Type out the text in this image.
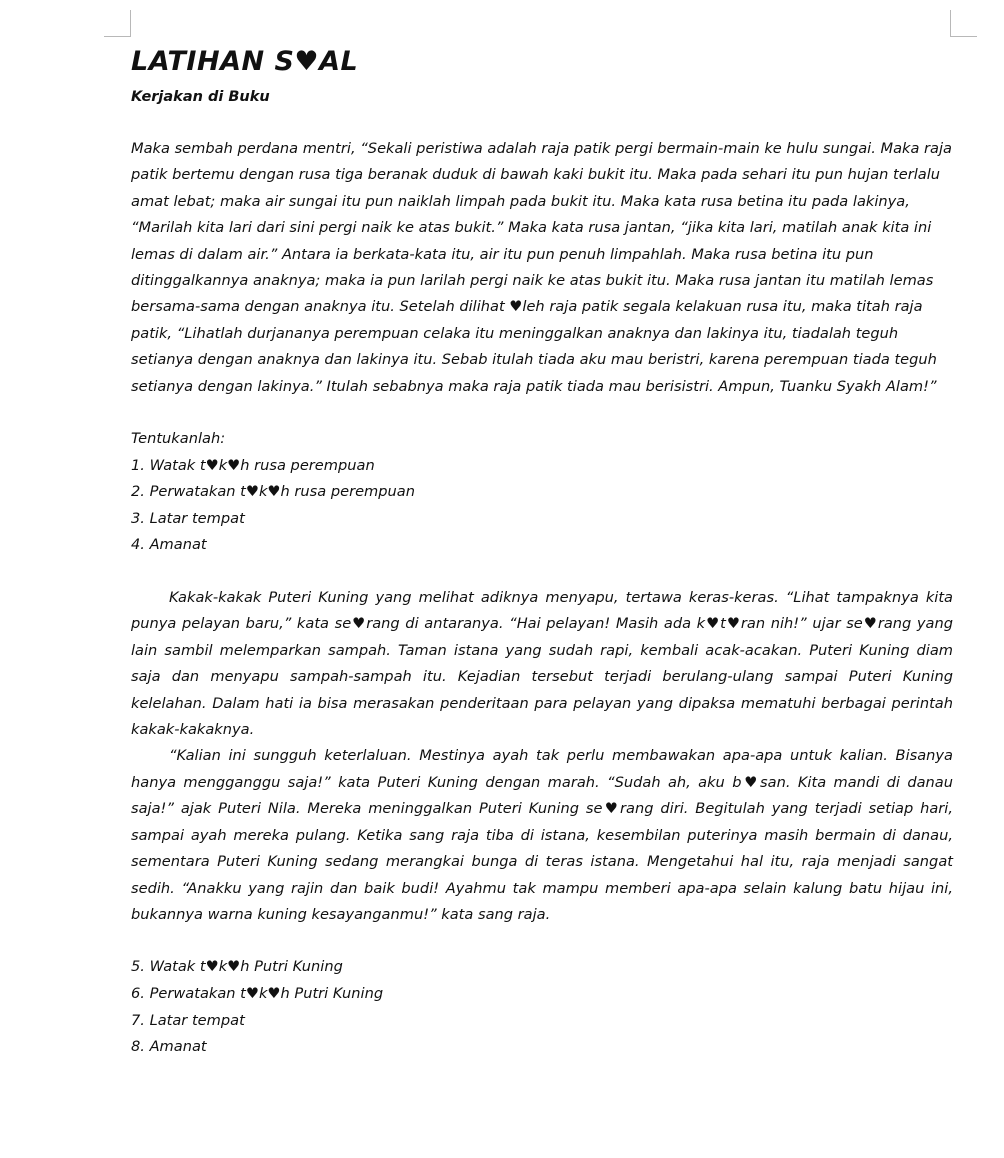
LATIHAN S♥AL
Kerjakan di Buku

Maka sembah perdana mentri, “Sekali peristiwa adalah raja patik pergi bermain-main ke hulu sungai. Maka raja patik bertemu dengan rusa tiga beranak duduk di bawah kaki bukit itu. Maka pada sehari itu pun hujan terlalu amat lebat; maka air sungai itu pun naiklah limpah pada bukit itu. Maka kata rusa betina itu pada lakinya, “Marilah kita lari dari sini pergi naik ke atas bukit.” Maka kata rusa jantan, “jika kita lari, matilah anak kita ini lemas di dalam air.” Antara ia berkata-kata itu, air itu pun penuh limpahlah. Maka rusa betina itu pun ditinggalkannya anaknya; maka ia pun larilah pergi naik ke atas bukit itu. Maka rusa jantan itu matilah lemas bersama-sama dengan anaknya itu. Setelah dilihat ♥leh raja patik segala kelakuan rusa itu, maka titah raja patik, “Lihatlah durjananya perempuan celaka itu meninggalkan anaknya dan lakinya itu, tiadalah teguh setianya dengan anaknya dan lakinya itu. Sebab itulah tiada aku mau beristri, karena perempuan tiada teguh setianya dengan lakinya.” Itulah sebabnya maka raja patik tiada mau berisistri. Ampun, Tuanku Syakh Alam!”

Tentukanlah:
1. Watak t♥k♥h rusa perempuan
2. Perwatakan t♥k♥h rusa perempuan
3. Latar tempat
4. Amanat

Kakak-kakak Puteri Kuning yang melihat adiknya menyapu, tertawa keras-keras. “Lihat tampaknya kita punya pelayan baru,” kata se♥rang di antaranya. “Hai pelayan! Masih ada k♥t♥ran nih!” ujar se♥rang yang lain sambil melemparkan sampah. Taman istana yang sudah rapi, kembali acak-acakan. Puteri Kuning diam saja dan menyapu sampah-sampah itu. Kejadian tersebut terjadi berulang-ulang sampai Puteri Kuning kelelahan. Dalam hati ia bisa merasakan penderitaan para pelayan yang dipaksa mematuhi berbagai perintah kakak-kakaknya.

“Kalian ini sungguh keterlaluan. Mestinya ayah tak perlu membawakan apa-apa untuk kalian. Bisanya hanya mengganggu saja!” kata Puteri Kuning dengan marah. “Sudah ah, aku b♥san. Kita mandi di danau saja!” ajak Puteri Nila. Mereka meninggalkan Puteri Kuning se♥rang diri. Begitulah yang terjadi setiap hari, sampai ayah mereka pulang. Ketika sang raja tiba di istana, kesembilan puterinya masih bermain di danau, sementara Puteri Kuning sedang merangkai bunga di teras istana. Mengetahui hal itu, raja menjadi sangat sedih. “Anakku yang rajin dan baik budi! Ayahmu tak mampu memberi apa-apa selain kalung batu hijau ini, bukannya warna kuning kesayanganmu!” kata sang raja.

5. Watak t♥k♥h Putri Kuning
6. Perwatakan t♥k♥h Putri Kuning
7. Latar tempat
8. Amanat
